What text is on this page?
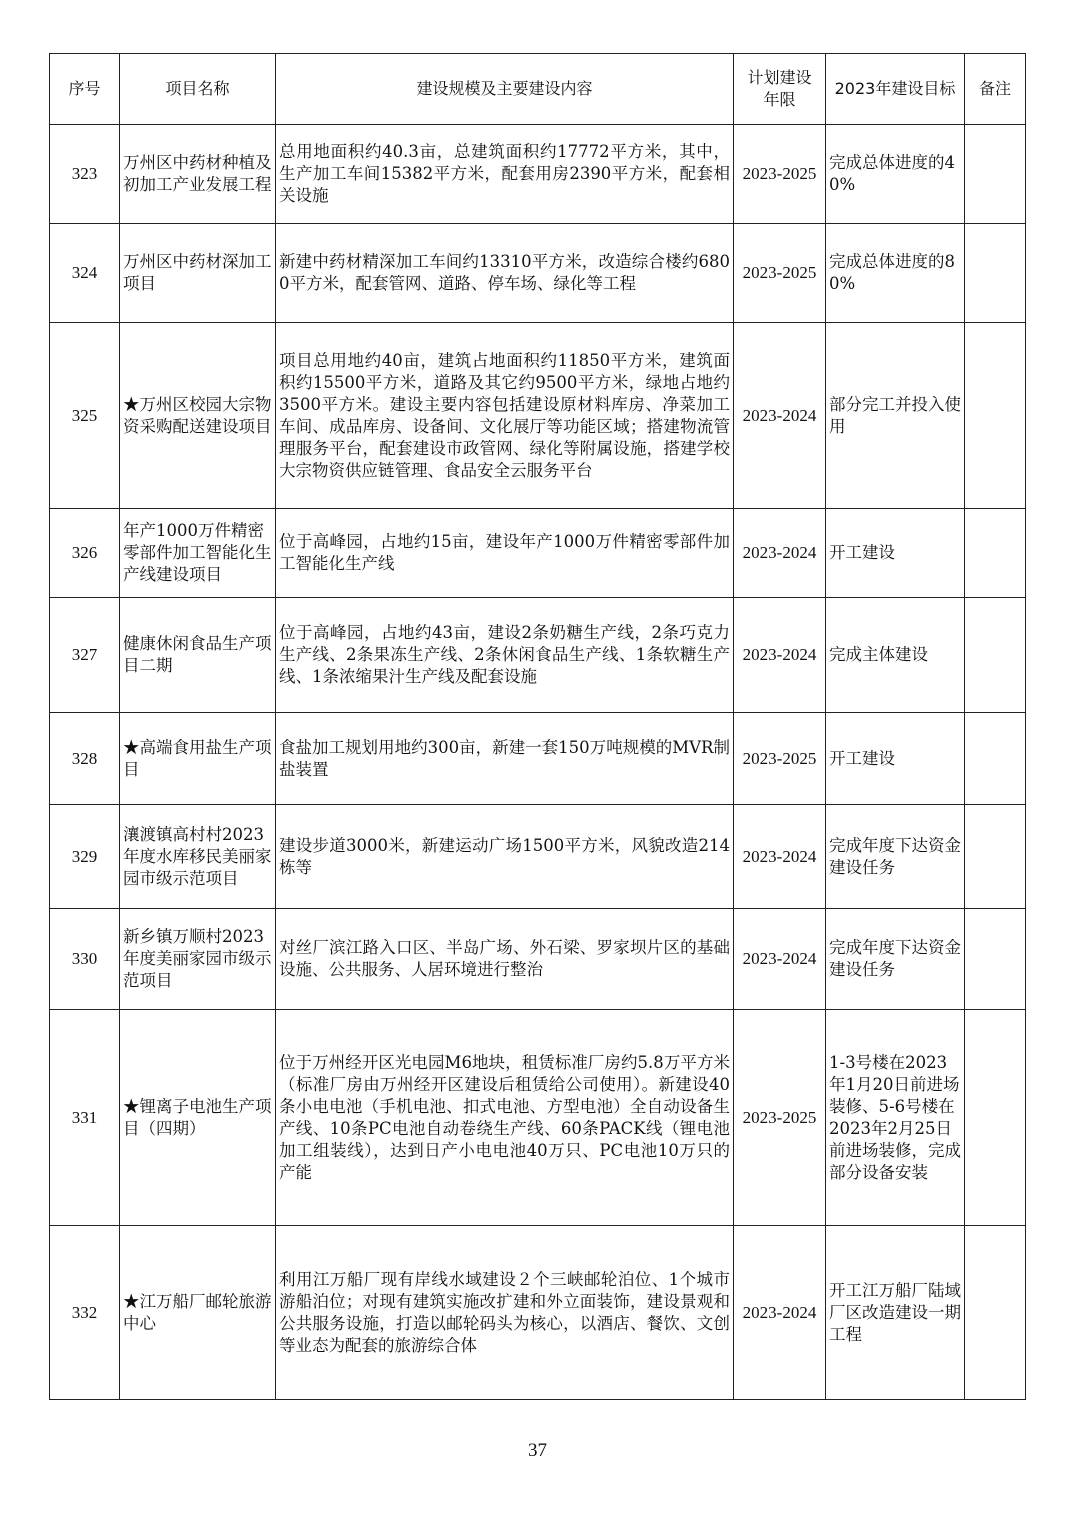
序号	项目名称	建设规模及主要建设内容	计划建设年限	2023年建设目标	备注
323	万州区中药材种植及初加工产业发展工程	总用地面积约40.3亩，总建筑面积约17772平方米，其中，生产加工车间15382平方米，配套用房2390平方米，配套相关设施	2023-2025	完成总体进度的40%	
324	万州区中药材深加工项目	新建中药材精深加工车间约13310平方米，改造综合楼约6800平方米，配套管网、道路、停车场、绿化等工程	2023-2025	完成总体进度的80%	
325	★万州区校园大宗物资采购配送建设项目	项目总用地约40亩，建筑占地面积约11850平方米，建筑面积约15500平方米，道路及其它约9500平方米，绿地占地约3500平方米。建设主要内容包括建设原材料库房、净菜加工车间、成品库房、设备间、文化展厅等功能区域；搭建物流管理服务平台，配套建设市政管网、绿化等附属设施，搭建学校大宗物资供应链管理、食品安全云服务平台	2023-2024	部分完工并投入使用	
326	年产1000万件精密零部件加工智能化生产线建设项目	位于高峰园，占地约15亩，建设年产1000万件精密零部件加工智能化生产线	2023-2024	开工建设	
327	健康休闲食品生产项目二期	位于高峰园，占地约43亩，建设2条奶糖生产线，2条巧克力生产线、2条果冻生产线、2条休闲食品生产线、1条软糖生产线、1条浓缩果汁生产线及配套设施	2023-2024	完成主体建设	
328	★高端食用盐生产项目	食盐加工规划用地约300亩，新建一套150万吨规模的MVR制盐装置	2023-2025	开工建设	
329	瀼渡镇高村村2023年度水库移民美丽家园市级示范项目	建设步道3000米，新建运动广场1500平方米，风貌改造214栋等	2023-2024	完成年度下达资金建设任务	
330	新乡镇万顺村2023年度美丽家园市级示范项目	对丝厂滨江路入口区、半岛广场、外石梁、罗家坝片区的基础设施、公共服务、人居环境进行整治	2023-2024	完成年度下达资金建设任务	
331	★锂离子电池生产项目（四期）	位于万州经开区光电园M6地块，租赁标准厂房约5.8万平方米（标准厂房由万州经开区建设后租赁给公司使用）。新建设40条小电电池（手机电池、扣式电池、方型电池）全自动设备生产线、10条PC电池自动卷绕生产线、60条PACK线（锂电池加工组装线），达到日产小电电池40万只、PC电池10万只的产能	2023-2025	1-3号楼在2023年1月20日前进场装修、5-6号楼在2023年2月25日前进场装修，完成部分设备安装	
332	★江万船厂邮轮旅游中心	利用江万船厂现有岸线水域建设２个三峡邮轮泊位、1个城市游船泊位；对现有建筑实施改扩建和外立面装饰，建设景观和公共服务设施，打造以邮轮码头为核心，以酒店、餐饮、文创等业态为配套的旅游综合体	2023-2024	开工江万船厂陆域厂区改造建设一期工程	
37
